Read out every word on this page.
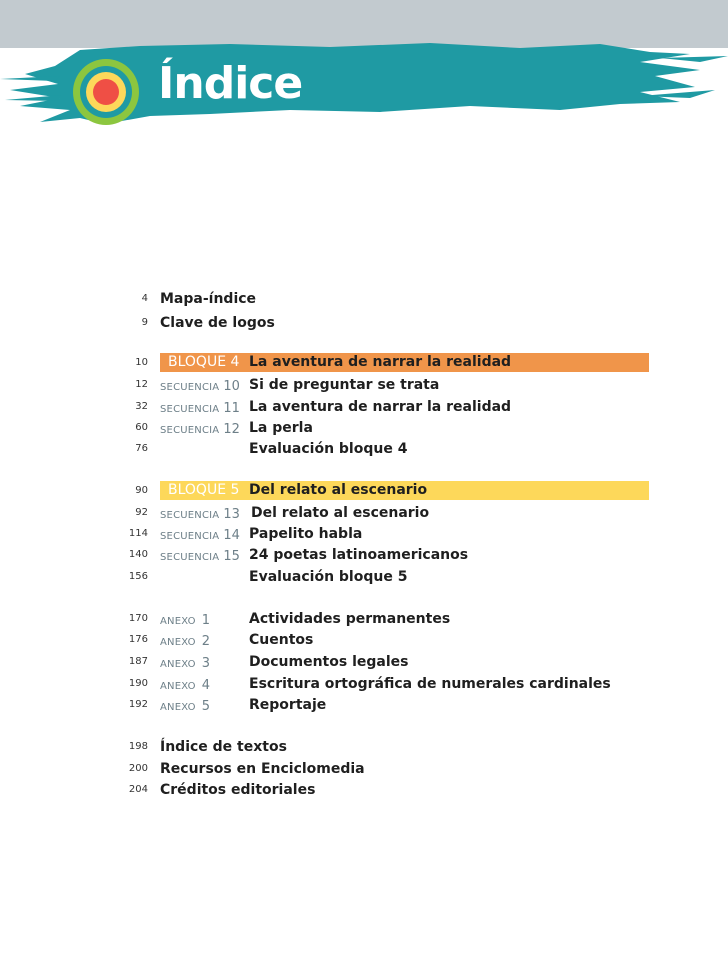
Índice
4 Mapa-índice
9 Clave de logos
10 BLOQUE 4 La aventura de narrar la realidad
12 SECUENCIA 10 Si de preguntar se trata
32 SECUENCIA 11 La aventura de narrar la realidad
60 SECUENCIA 12 La perla
76	Evaluación bloque 4
90 BLOQUE 5 Del relato al escenario
92 SECUENCIA 13 Del relato al escenario
114 SECUENCIA 14 Papelito habla
140 SECUENCIA 15 24 poetas latinoamericanos
156	Evaluación bloque 5
170 ANEXO 1	Actividades permanentes
176 ANEXO 2	Cuentos
187 ANEXO 3	Documentos legales
190 ANEXO 4	Escritura ortográfica de numerales cardinales
192 ANEXO 5	Reportaje
198 Índice de textos
200 Recursos en Enciclomedia
204 Créditos editoriales
